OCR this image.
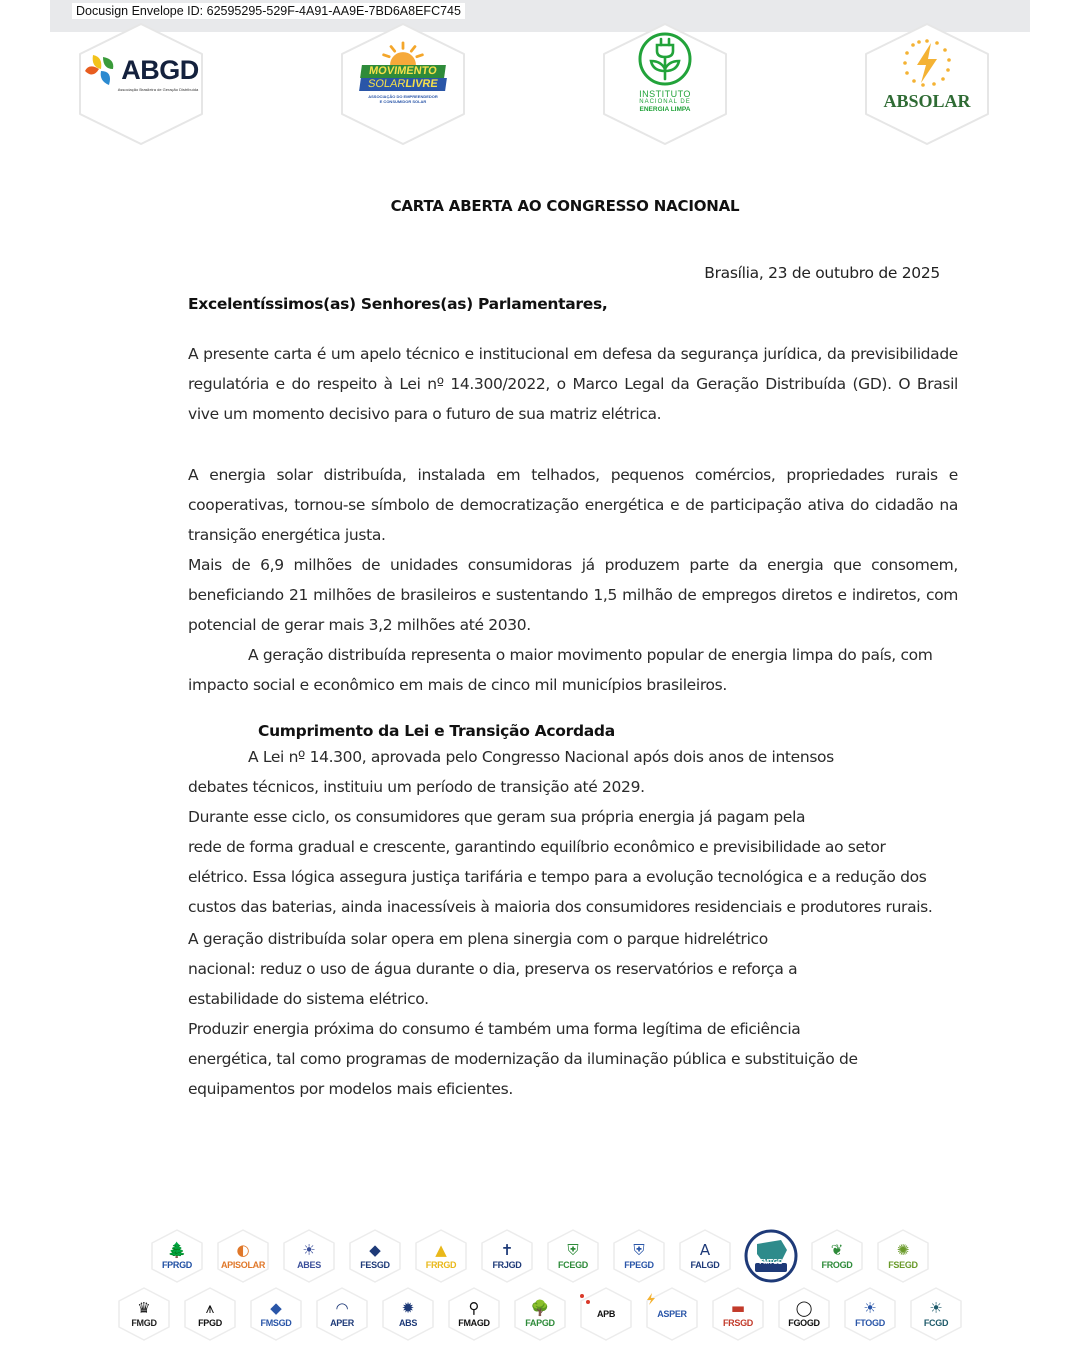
Docusign Envelope ID: 62595295-529F-4A91-AA9E-7BD6A8EFC745
ABGD
Associação Brasileira de Geração Distribuída
MOVIMENTO
SOLARLIVRE
ASSOCIAÇÃO DO EMPREENDEDOR
E CONSUMIDOR SOLAR
INSTITUTO
NACIONAL DE
ENERGIA LIMPA	ABSOLAR
CARTA ABERTA AO CONGRESSO NACIONAL
Brasília, 23 de outubro de 2025
Excelentíssimos(as) Senhores(as) Parlamentares,

A presente carta é um apelo técnico e institucional em defesa da segurança jurídica, da previsibilidade regulatória e do respeito à Lei nº 14.300/2022, o Marco Legal da Geração Distribuída (GD). O Brasil vive um momento decisivo para o futuro de sua matriz elétrica.

A energia solar distribuída, instalada em telhados, pequenos comércios, propriedades rurais e cooperativas, tornou-se símbolo de democratização energética e de participação ativa do cidadão na transição energética justa.

Mais de 6,9 milhões de unidades consumidoras já produzem parte da energia que consomem, beneficiando 21 milhões de brasileiros e sustentando 1,5 milhão de empregos diretos e indiretos, com potencial de gerar mais 3,2 milhões até 2030.

A geração distribuída representa o maior movimento popular de energia limpa do país, com impacto social e econômico em mais de cinco mil municípios brasileiros.

Cumprimento da Lei e Transição Acordada

A Lei nº 14.300, aprovada pelo Congresso Nacional após dois anos de intensos debates técnicos, instituiu um período de transição até 2029.

Durante esse ciclo, os consumidores que geram sua própria energia já pagam pela

rede de forma gradual e crescente, garantindo equilíbrio econômico e previsibilidade ao setor elétrico. Essa lógica assegura justiça tarifária e tempo para a evolução tecnológica e a redução dos custos das baterias, ainda inacessíveis à maioria dos consumidores residenciais e produtores rurais.

A geração distribuída solar opera em plena sinergia com o parque hidrelétrico

nacional: reduz o uso de água durante o dia, preserva os reservatórios e reforça a estabilidade do sistema elétrico.

Produzir energia próxima do consumo é também uma forma legítima de eficiência

energética, tal como programas de modernização da iluminação pública e substituição de equipamentos por modelos mais eficientes.

🌲
FPRGD
◐
APISOLAR
☀
ABES
◆
FESGD
▲
FRRGD
✝
FRJGD
⛨
FCEGD
⛨
FPEGD
A
FALGD	FMTGD
❦
FROGD
✺
FSEGD
♛
FMGD
⩚
FPGD
◆
FMSGD
◠
APER
✹
ABS
⚲
FMAGD
🌳
FAPGD
APB	ASPER	▬
FRSGD
◯
FGOGD
☀
FTOGD
☀
FCGD
